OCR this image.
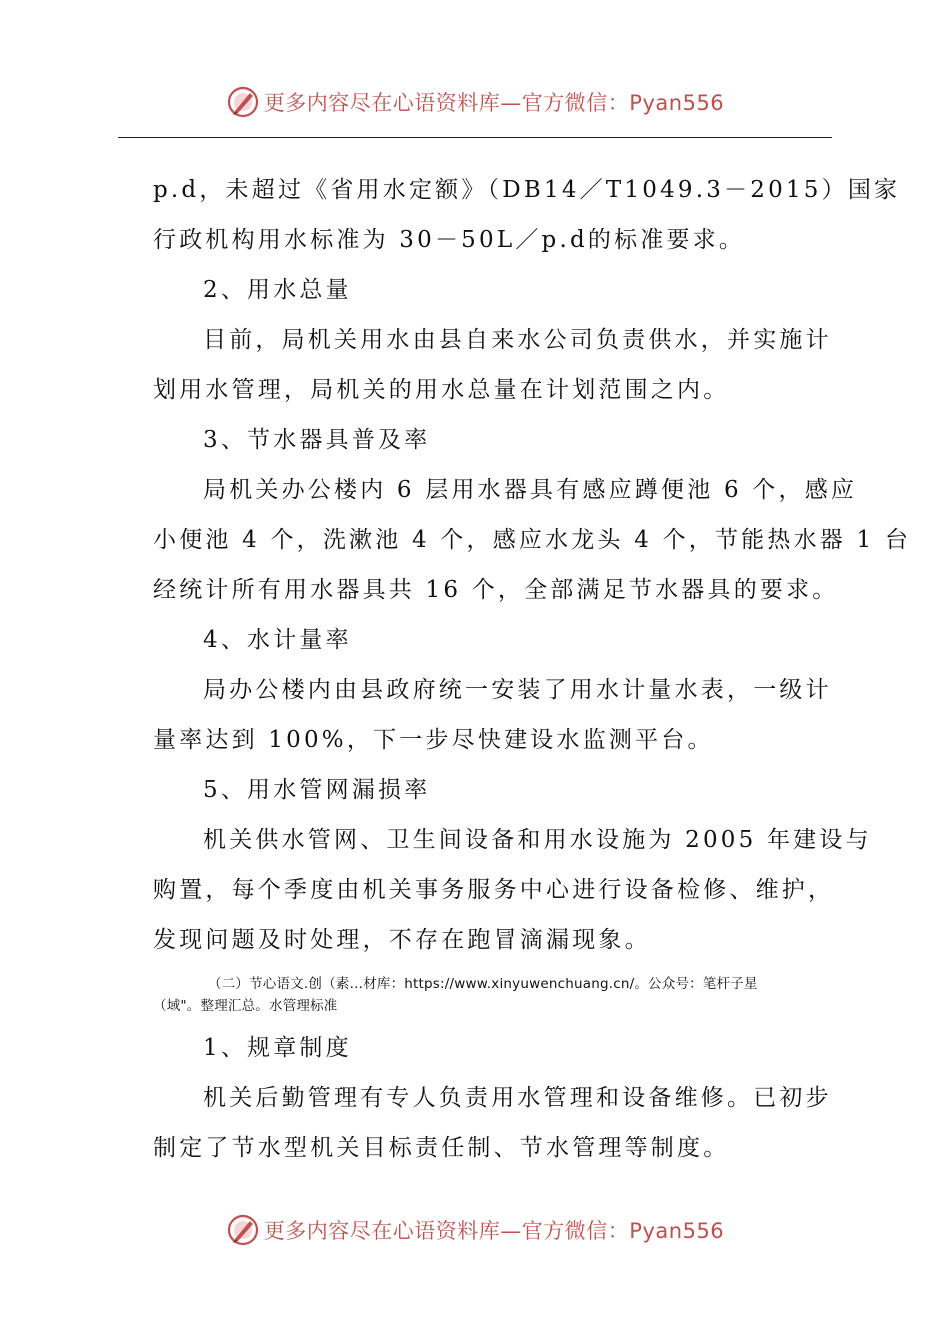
更多内容尽在心语资料库—官方微信：Pyan556
p.d，未超过《省用水定额》（DB14／T1049.3－2015）国家
行政机构用水标准为 30－50L／p.d的标准要求。
2、用水总量
目前，局机关用水由县自来水公司负责供水，并实施计
划用水管理，局机关的用水总量在计划范围之内。
3、节水器具普及率
局机关办公楼内 6 层用水器具有感应蹲便池 6 个，感应
小便池 4 个，洗漱池 4 个，感应水龙头 4 个，节能热水器 1 台
经统计所有用水器具共 16 个，全部满足节水器具的要求。
4、水计量率
局办公楼内由县政府统一安装了用水计量水表，一级计
量率达到 100%，下一步尽快建设水监测平台。
5、用水管网漏损率
机关供水管网、卫生间设备和用水设施为 2005 年建设与
购置，每个季度由机关事务服务中心进行设备检修、维护，
发现问题及时处理，不存在跑冒滴漏现象。
（二）节心语文.创（素…材库：https://www.xinyuwenchuang.cn/。公众号：笔杆子星
（域"。整理汇总。水管理标准
1、规章制度
机关后勤管理有专人负责用水管理和设备维修。已初步
制定了节水型机关目标责任制、节水管理等制度。
更多内容尽在心语资料库—官方微信：Pyan556
